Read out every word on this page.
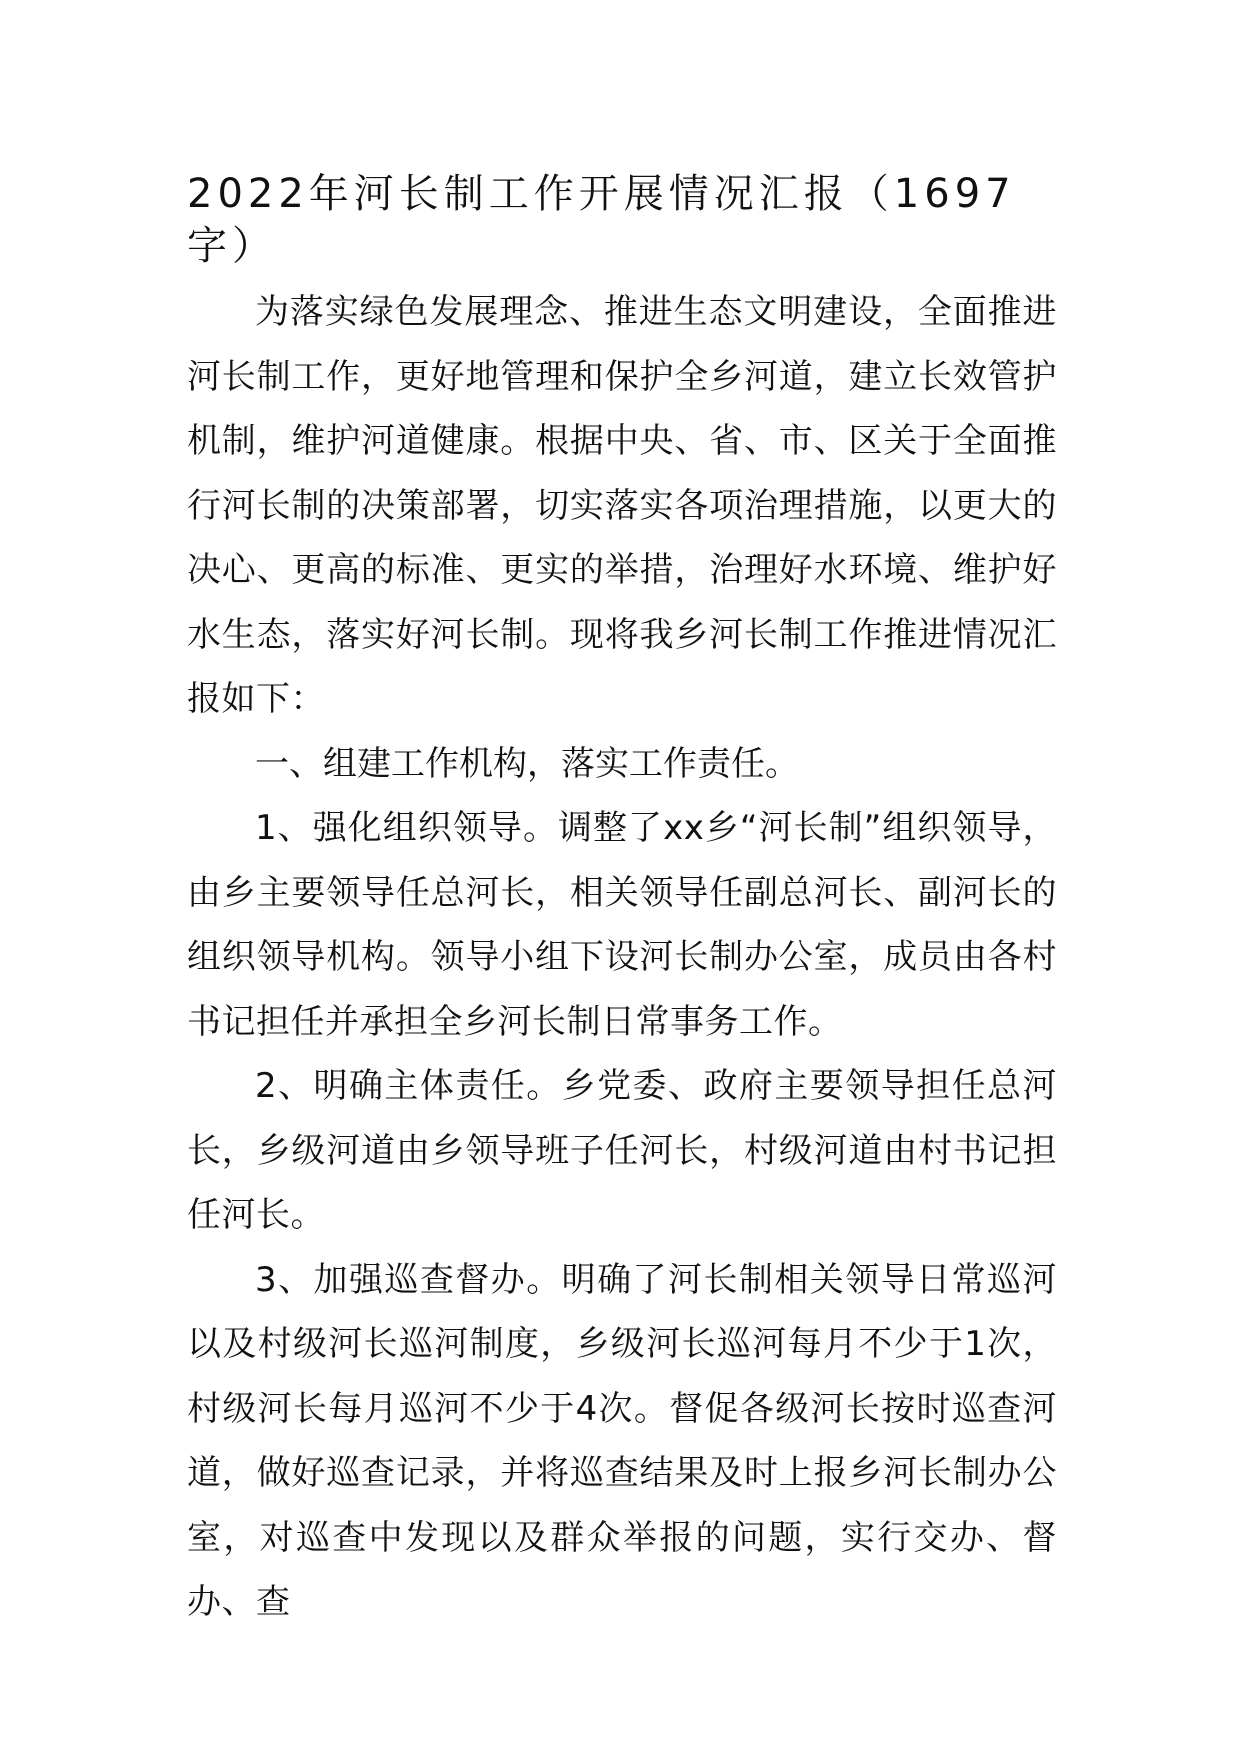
2022年河长制工作开展情况汇报（1697字）

为落实绿色发展理念、推进生态文明建设，全面推进河长制工作，更好地管理和保护全乡河道，建立长效管护机制，维护河道健康。根据中央、省、市、区关于全面推行河长制的决策部署，切实落实各项治理措施，以更大的决心、更高的标准、更实的举措，治理好水环境、维护好水生态，落实好河长制。现将我乡河长制工作推进情况汇报如下：

一、组建工作机构，落实工作责任。

1、强化组织领导。调整了xx乡“河长制”组织领导，由乡主要领导任总河长，相关领导任副总河长、副河长的组织领导机构。领导小组下设河长制办公室，成员由各村书记担任并承担全乡河长制日常事务工作。

2、明确主体责任。乡党委、政府主要领导担任总河长，乡级河道由乡领导班子任河长，村级河道由村书记担任河长。

3、加强巡查督办。明确了河长制相关领导日常巡河以及村级河长巡河制度，乡级河长巡河每月不少于1次，村级河长每月巡河不少于4次。督促各级河长按时巡查河道，做好巡查记录，并将巡查结果及时上报乡河长制办公室，对巡查中发现以及群众举报的问题，实行交办、督办、查
